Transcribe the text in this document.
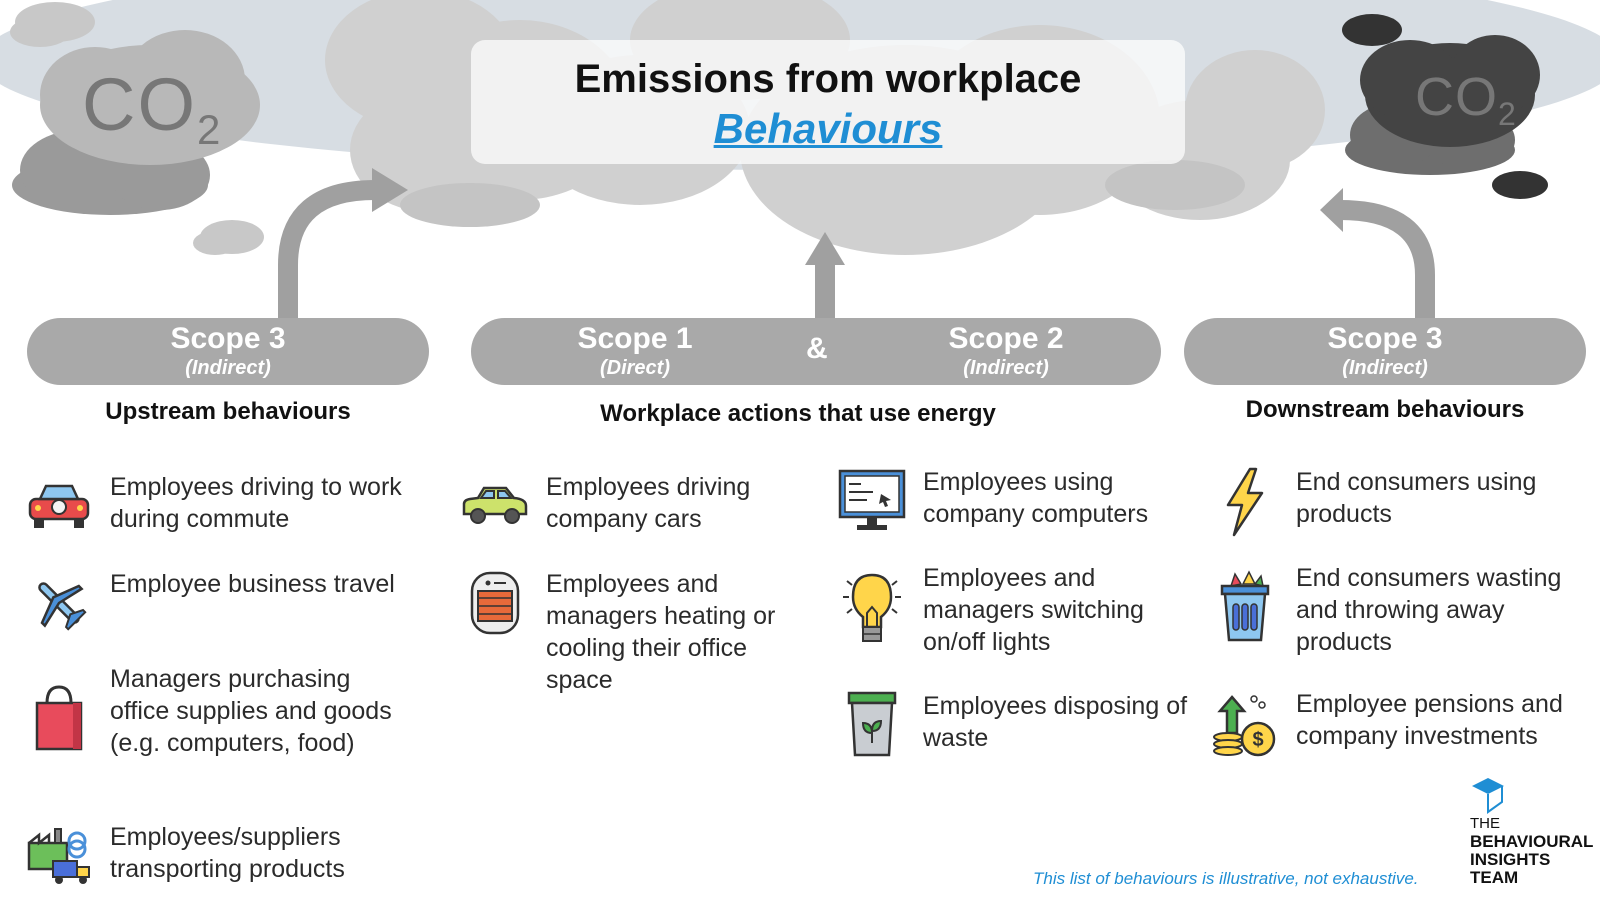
CO2
CO2
Emissions from workplace
Behaviours
Scope 3
(Indirect)
Scope 1
(Direct)
&	Scope 2
(Indirect)
Scope 3
(Indirect)
Upstream behaviours	Workplace actions that use energy	Downstream behaviours
Employees driving to work during commute
Employee business travel
Managers purchasing office supplies and goods (e.g. computers, food)
Employees/suppliers transporting products
Employees driving company cars
Employees and managers heating or cooling their office space
Employees using company computers
Employees and managers switching on/off lights
Employees disposing of waste
End consumers using products
End consumers wasting and throwing away products
$
Employee pensions and company investments
This list of behaviours is illustrative, not exhaustive.
THE
BEHAVIOURAL
INSIGHTS
TEAM
